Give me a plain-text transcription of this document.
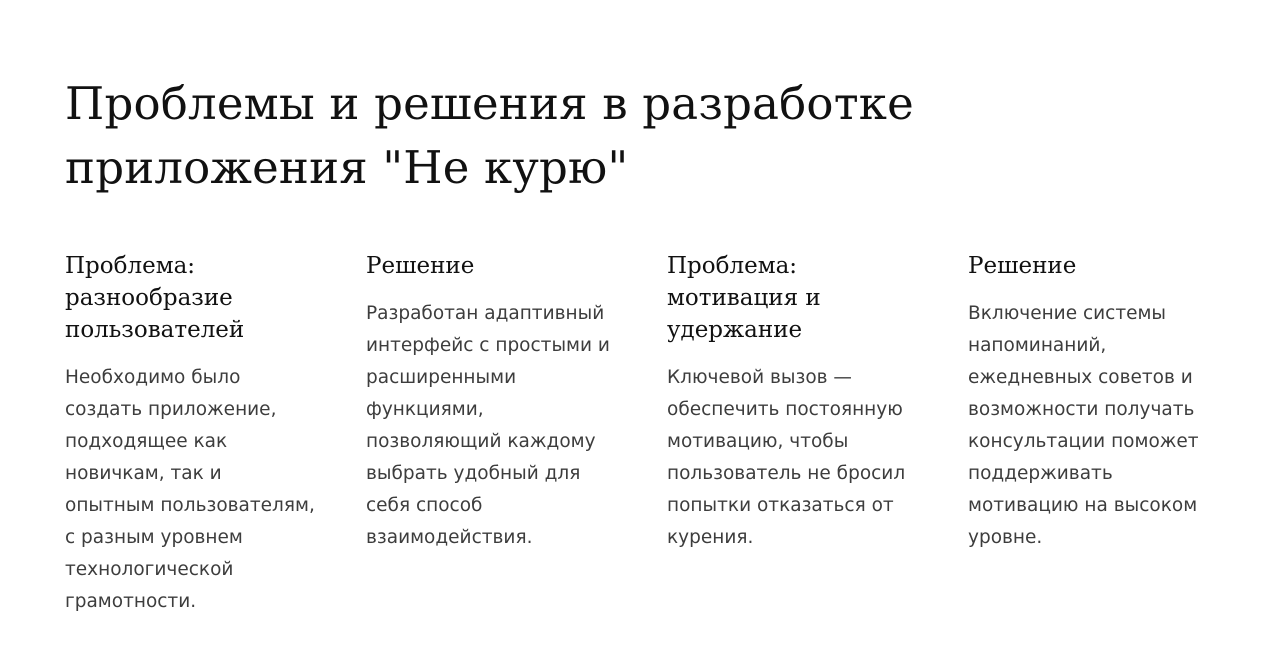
Проблемы и решения в разработке
приложения "Не курю"
Проблема:
разнообразие
пользователей

Необходимо было
создать приложение,
подходящее как
новичкам, так и
опытным пользователям,
с разным уровнем
технологической
грамотности.

Решение

Разработан адаптивный
интерфейс с простыми и
расширенными
функциями,
позволяющий каждому
выбрать удобный для
себя способ
взаимодействия.

Проблема:
мотивация и
удержание

Ключевой вызов —
обеспечить постоянную
мотивацию, чтобы
пользователь не бросил
попытки отказаться от
курения.

Решение

Включение системы
напоминаний,
ежедневных советов и
возможности получать
консультации поможет
поддерживать
мотивацию на высоком
уровне.
